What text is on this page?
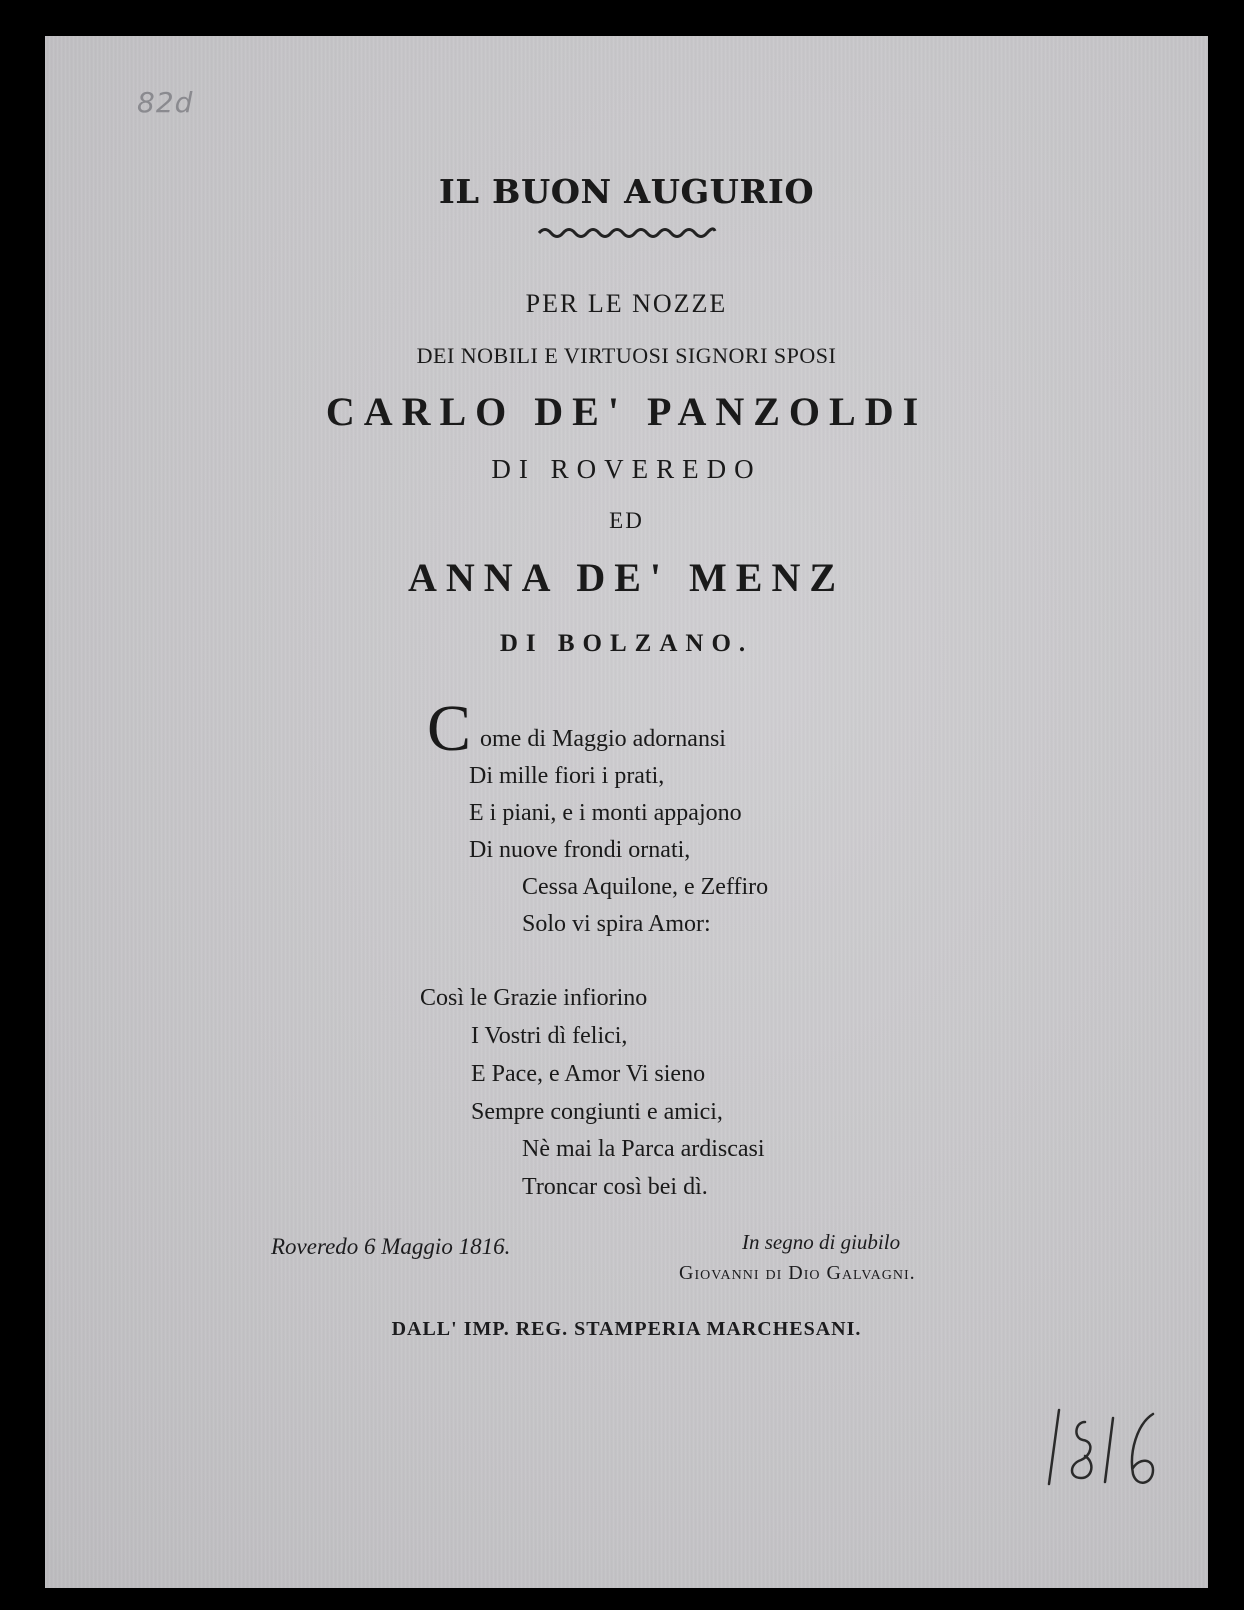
82d
IL BUON AUGURIO
PER LE NOZZE
DEI NOBILI E VIRTUOSI SIGNORI SPOSI
CARLO DE' PANZOLDI
DI ROVEREDO
ED
ANNA DE' MENZ
DI BOLZANO.
C ome di Maggio adornansi
Di mille fiori i prati,
E i piani, e i monti appajono
Di nuove frondi ornati,
Cessa Aquilone, e Zeffiro
Solo vi spira Amor:
Così le Grazie infiorino
I Vostri dì felici,
E Pace, e Amor Vi sieno
Sempre congiunti e amici,
Nè mai la Parca ardiscasi
Troncar così bei dì.
Roveredo 6 Maggio 1816.	In segno di giubilo
Giovanni di Dio Galvagni.
DALL' IMP. REG. STAMPERIA MARCHESANI.
